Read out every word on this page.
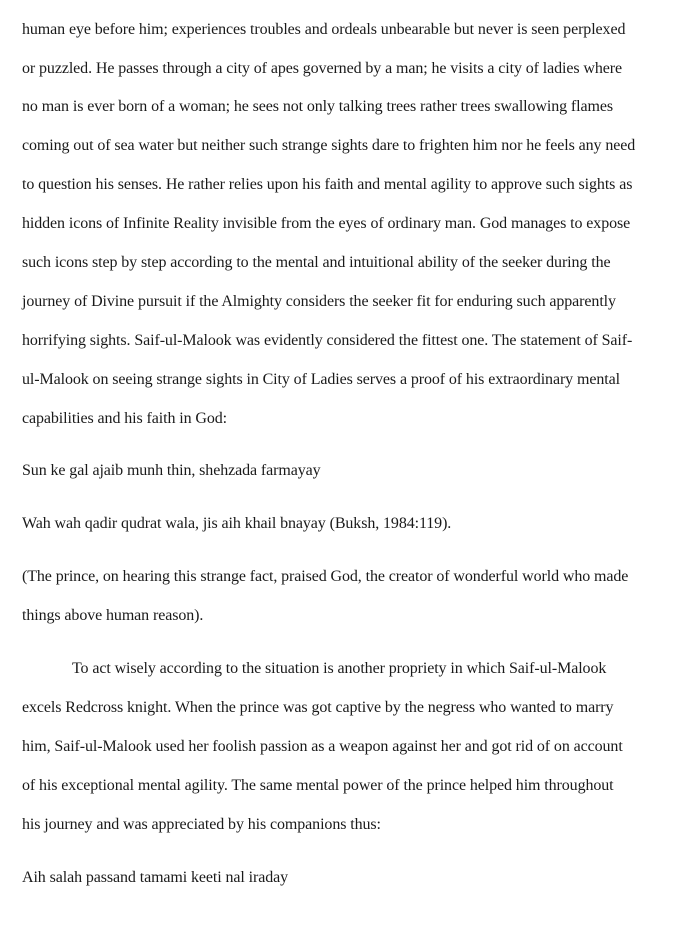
human eye before him; experiences troubles and ordeals unbearable but never is seen perplexed
or puzzled. He passes through a city of apes governed by a man; he visits a city of ladies where
no man is ever born of a woman; he sees not only talking trees rather trees swallowing flames
coming out of sea water but neither such strange sights dare to frighten him nor he feels any need
to question his senses. He rather relies upon his faith and mental agility to approve such sights as
hidden icons of Infinite Reality invisible from the eyes of ordinary man. God manages to expose
such icons step by step according to the mental and intuitional ability of the seeker during the
journey of Divine pursuit if the Almighty considers the seeker fit for enduring such apparently
horrifying sights. Saif-ul-Malook was evidently considered the fittest one. The statement of Saif-
ul-Malook on seeing strange sights in City of Ladies serves a proof of his extraordinary mental
capabilities and his faith in God:
Sun ke gal ajaib munh thin, shehzada farmayay
Wah wah qadir qudrat wala, jis aih khail bnayay (Buksh, 1984:119).
(The prince, on hearing this strange fact, praised God, the creator of wonderful world who made
things above human reason).
To act wisely according to the situation is another propriety in which Saif-ul-Malook
excels Redcross knight. When the prince was got captive by the negress who wanted to marry
him, Saif-ul-Malook used her foolish passion as a weapon against her and got rid of on account
of his exceptional mental agility. The same mental power of the prince helped him throughout
his journey and was appreciated by his companions thus:
Aih salah passand tamami keeti nal iraday
